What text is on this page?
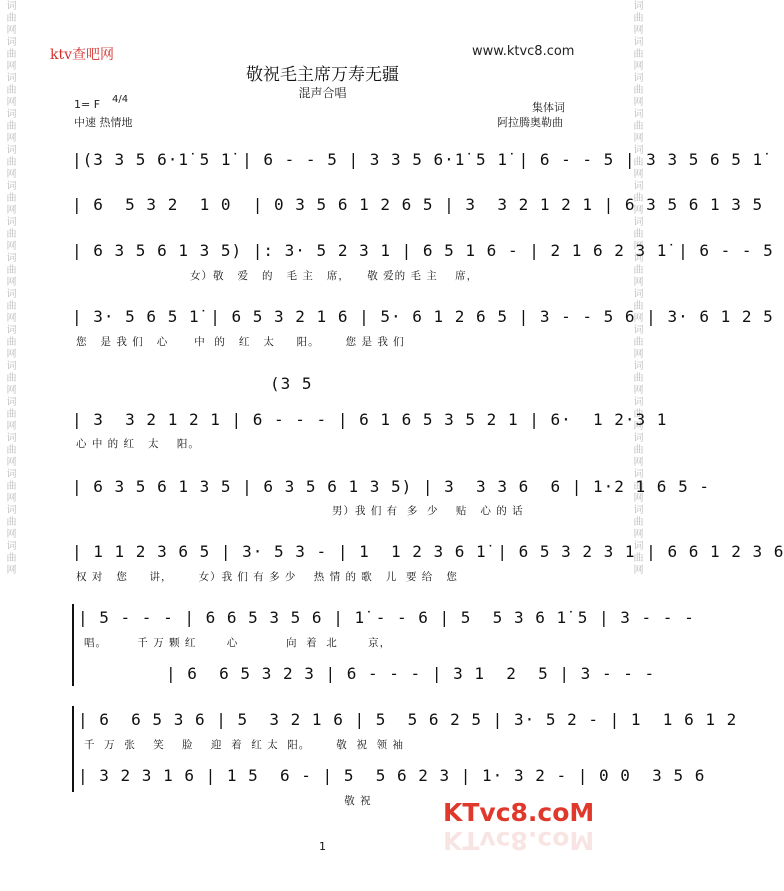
词曲网词曲网词曲网词曲网词曲网词曲网词曲网词曲网词曲网词曲网词曲网词曲网词曲网词曲网词曲网词曲网	词曲网词曲网词曲网词曲网词曲网词曲网词曲网词曲网词曲网词曲网词曲网词曲网词曲网词曲网词曲网词曲网
ktv查吧网	www.ktvc8.com
敬祝毛主席万寿无疆
混声合唱
1= F 4/4
中速 热情地
集体词
阿拉腾奥勒曲
|(3 3 5 6·1̇ 5 1̇ | 6 - - 5 | 3 3 5 6·1̇ 5 1̇ | 6 - - 5 | 3 3 5 6 5 1̇
| 6  5 3 2  1 0  | 0 3 5 6 1 2 6 5 | 3  3 2 1 2 1 | 6 3 5 6 1 3 5
| 6 3 5 6 1 3 5) |: 3· 5 2 3 1 | 6 5 1 6 - | 2 1 6 2 3 1̇ | 6 - - 5
女）敬   爱   的   毛 主   席，    敬 爱的 毛 主    席，
| 3· 5 6 5 1̇ | 6 5 3 2 1 6 | 5· 6 1 2 6 5 | 3 - - 5 6 | 3· 6 1 2 5
您   是 我 们   心      中  的   红   太     阳。      您 是 我 们
(3 5
| 3  3 2 1 2 1 | 6 - - - | 6 1 6 5 3 5 2 1 | 6·  1 2·3 1
心 中 的 红   太    阳。
| 6 3 5 6 1 3 5 | 6 3 5 6 1 3 5) | 3  3 3 6  6 | 1·2 1 6 5 -
男）我 们 有  多  少    贴   心 的 话
| 1 1 2 3 6 5 | 3· 5 3 - | 1  1 2 3 6 1̇ | 6 5 3 2 3 1 | 6 6 1 2 3 6
权 对   您     讲，      女）我 们 有 多 少    热 情 的 歌   儿  要 给   您
| 5 - - - | 6 6 5 3 5 6 | 1̇ - - 6 | 5  5 3 6 1̇ 5 | 3 - - -
唱。       千 万 颗 红       心           向  着  北       京，
| 6  6 5 3 2 3 | 6 - - - | 3 1  2  5 | 3 - - -
| 6  6 5 3 6 | 5  3 2 1 6 | 5  5 6 2 5 | 3· 5 2 - | 1  1 6 1 2
千  万  张    笑    脸    迎  着  红 太  阳。      敬  祝  领 袖
| 3 2 3 1 6 | 1 5  6 - | 5  5 6 2 3 | 1· 3 2 - | 0 0  3 5 6
敬 祝	KTvc8.coM
KTvc8.coM
1
